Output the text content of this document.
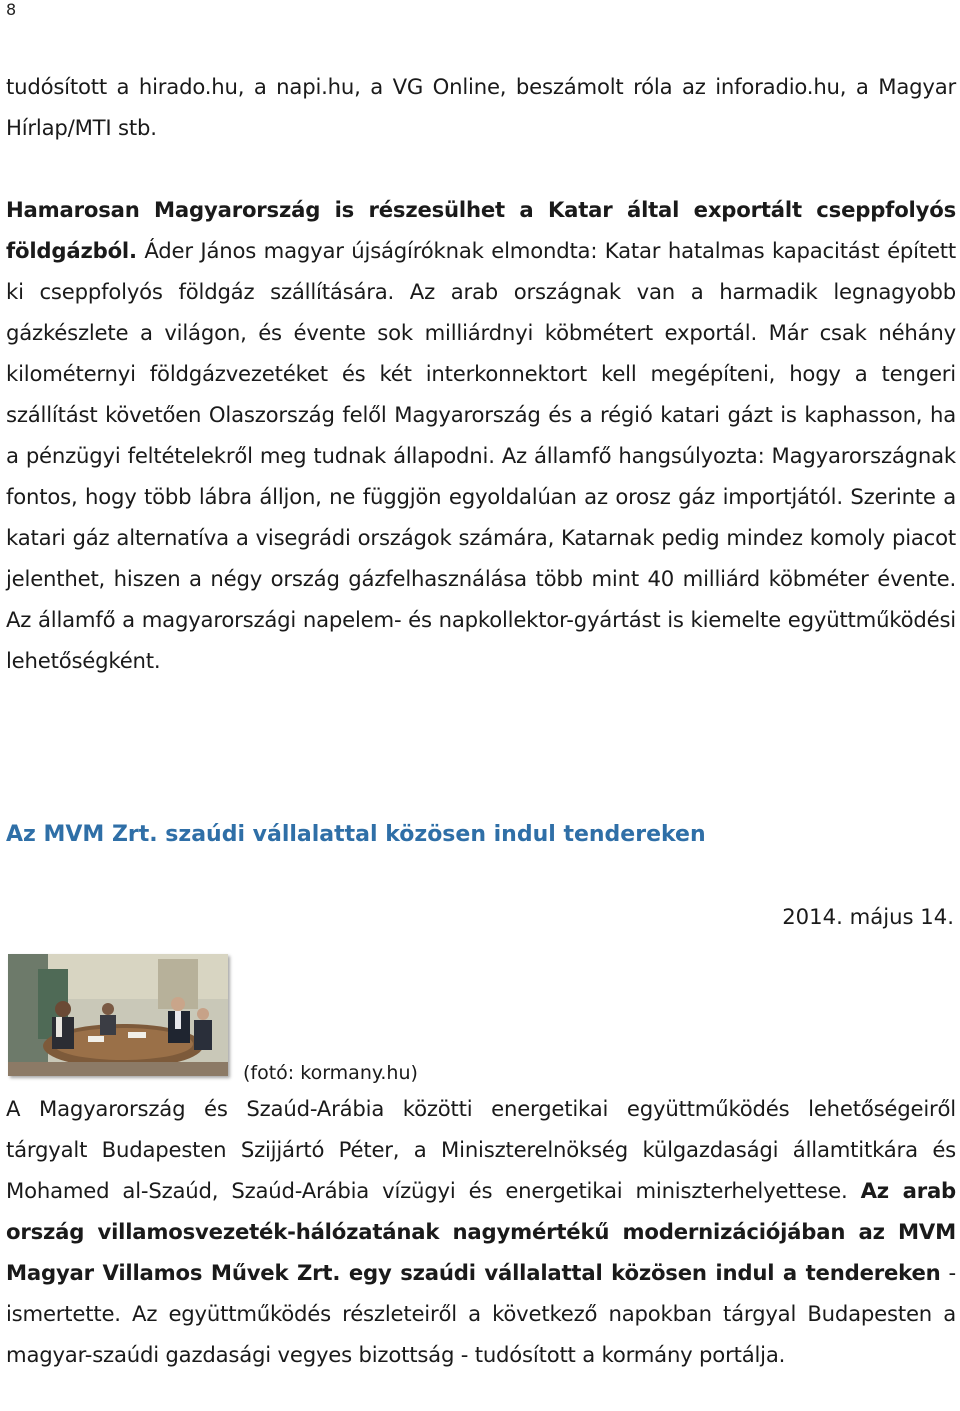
8

tudósított a hirado.hu, a napi.hu, a VG Online, beszámolt róla az inforadio.hu, a Magyar Hírlap/MTI stb.

Hamarosan Magyarország is részesülhet a Katar által exportált cseppfolyós földgázból. Áder János magyar újságíróknak elmondta: Katar hatalmas kapacitást épített ki cseppfolyós földgáz szállítására. Az arab országnak van a harmadik legnagyobb gázkészlete a világon, és évente sok milliárdnyi köbmétert exportál. Már csak néhány kilométernyi földgázvezetéket és két interkonnektort kell megépíteni, hogy a tengeri szállítást követően Olaszország felől Magyarország és a régió katari gázt is kaphasson, ha a pénzügyi feltételekről meg tudnak állapodni. Az államfő hangsúlyozta: Magyarországnak fontos, hogy több lábra álljon, ne függjön egyoldalúan az orosz gáz importjától. Szerinte a katari gáz alternatíva a visegrádi országok számára, Katarnak pedig mindez komoly piacot jelenthet, hiszen a négy ország gázfelhasználása több mint 40 milliárd köbméter évente. Az államfő a magyarországi napelem- és napkollektor-gyártást is kiemelte együttműködési lehetőségként.

Az MVM Zrt. szaúdi vállalattal közösen indul tendereken
2014. május 14.
(fotó: kormany.hu)

A Magyarország és Szaúd-Arábia közötti energetikai együttműködés lehetőségeiről tárgyalt Budapesten Szijjártó Péter, a Miniszterelnökség külgazdasági államtitkára és Mohamed al-Szaúd, Szaúd-Arábia vízügyi és energetikai miniszterhelyettese. Az arab ország villamosvezeték-hálózatának nagymértékű modernizációjában az MVM Magyar Villamos Művek Zrt. egy szaúdi vállalattal közösen indul a tendereken - ismertette. Az együttműködés részleteiről a következő napokban tárgyal Budapesten a magyar-szaúdi gazdasági vegyes bizottság - tudósított a kormány portálja.
